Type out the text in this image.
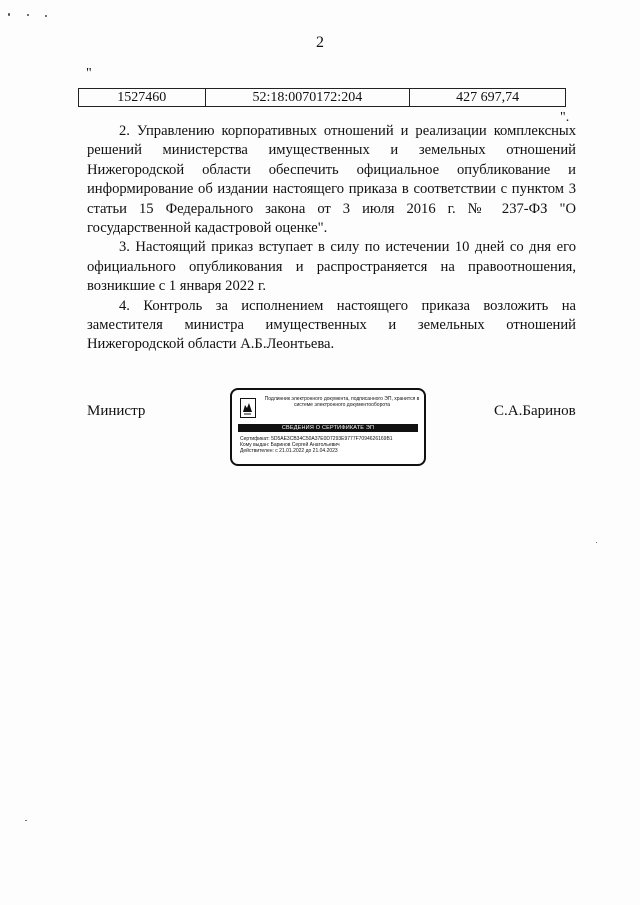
2
"
1527460	52:18:0070172:204	427 697,74
".

2. Управлению корпоративных отношений и реализации комплексных решений министерства имущественных и земельных отношений Нижегородской области обеспечить официальное опубликование и информирование об издании настоящего приказа в соответствии с пунктом 3 статьи 15 Федерального закона от 3 июля 2016 г. № 237-ФЗ "О государственной кадастровой оценке".

3. Настоящий приказ вступает в силу по истечении 10 дней со дня его официального опубликования и распространяется на правоотношения, возникшие с 1 января 2022 г.

4. Контроль за исполнением настоящего приказа возложить на заместителя министра имущественных и земельных отношений Нижегородской области А.Б.Леонтьева.

Министр
Подлинник электронного документа, подписанного ЭП, хранится в системе электронного документооборота
СВЕДЕНИЯ О СЕРТИФИКАТЕ ЭП
Сертификат: 5D5AE3CB34C50A37E0D7293E9777F7094626169B1
Кому выдан: Баринов Сергей Анатольевич
Действителен: с 21.01.2022 до 21.04.2023
С.А.Баринов
